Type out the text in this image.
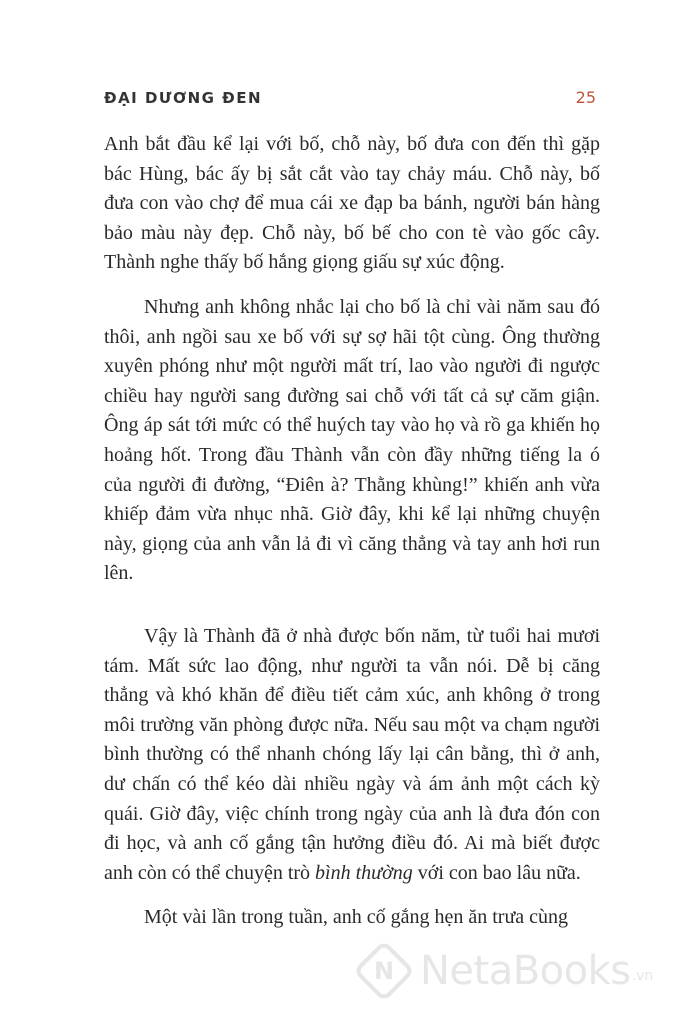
ĐẠI DƯƠNG ĐEN	25

Anh bắt đầu kể lại với bố, chỗ này, bố đưa con đến thì gặp bác Hùng, bác ấy bị sắt cắt vào tay chảy máu. Chỗ này, bố đưa con vào chợ để mua cái xe đạp ba bánh, người bán hàng bảo màu này đẹp. Chỗ này, bố bế cho con tè vào gốc cây. Thành nghe thấy bố hắng giọng giấu sự xúc động.

Nhưng anh không nhắc lại cho bố là chỉ vài năm sau đó thôi, anh ngồi sau xe bố với sự sợ hãi tột cùng. Ông thường xuyên phóng như một người mất trí, lao vào người đi ngược chiều hay người sang đường sai chỗ với tất cả sự căm giận. Ông áp sát tới mức có thể huých tay vào họ và rồ ga khiến họ hoảng hốt. Trong đầu Thành vẫn còn đầy những tiếng la ó của người đi đường, “Điên à? Thằng khùng!” khiến anh vừa khiếp đảm vừa nhục nhã. Giờ đây, khi kể lại những chuyện này, giọng của anh vẫn lả đi vì căng thẳng và tay anh hơi run lên.

Vậy là Thành đã ở nhà được bốn năm, từ tuổi hai mươi tám. Mất sức lao động, như người ta vẫn nói. Dễ bị căng thẳng và khó khăn để điều tiết cảm xúc, anh không ở trong môi trường văn phòng được nữa. Nếu sau một va chạm người bình thường có thể nhanh chóng lấy lại cân bằng, thì ở anh, dư chấn có thể kéo dài nhiều ngày và ám ảnh một cách kỳ quái. Giờ đây, việc chính trong ngày của anh là đưa đón con đi học, và anh cố gắng tận hưởng điều đó. Ai mà biết được anh còn có thể chuyện trò bình thường với con bao lâu nữa.

Một vài lần trong tuần, anh cố gắng hẹn ăn trưa cùng

N NetaBooks .vn
